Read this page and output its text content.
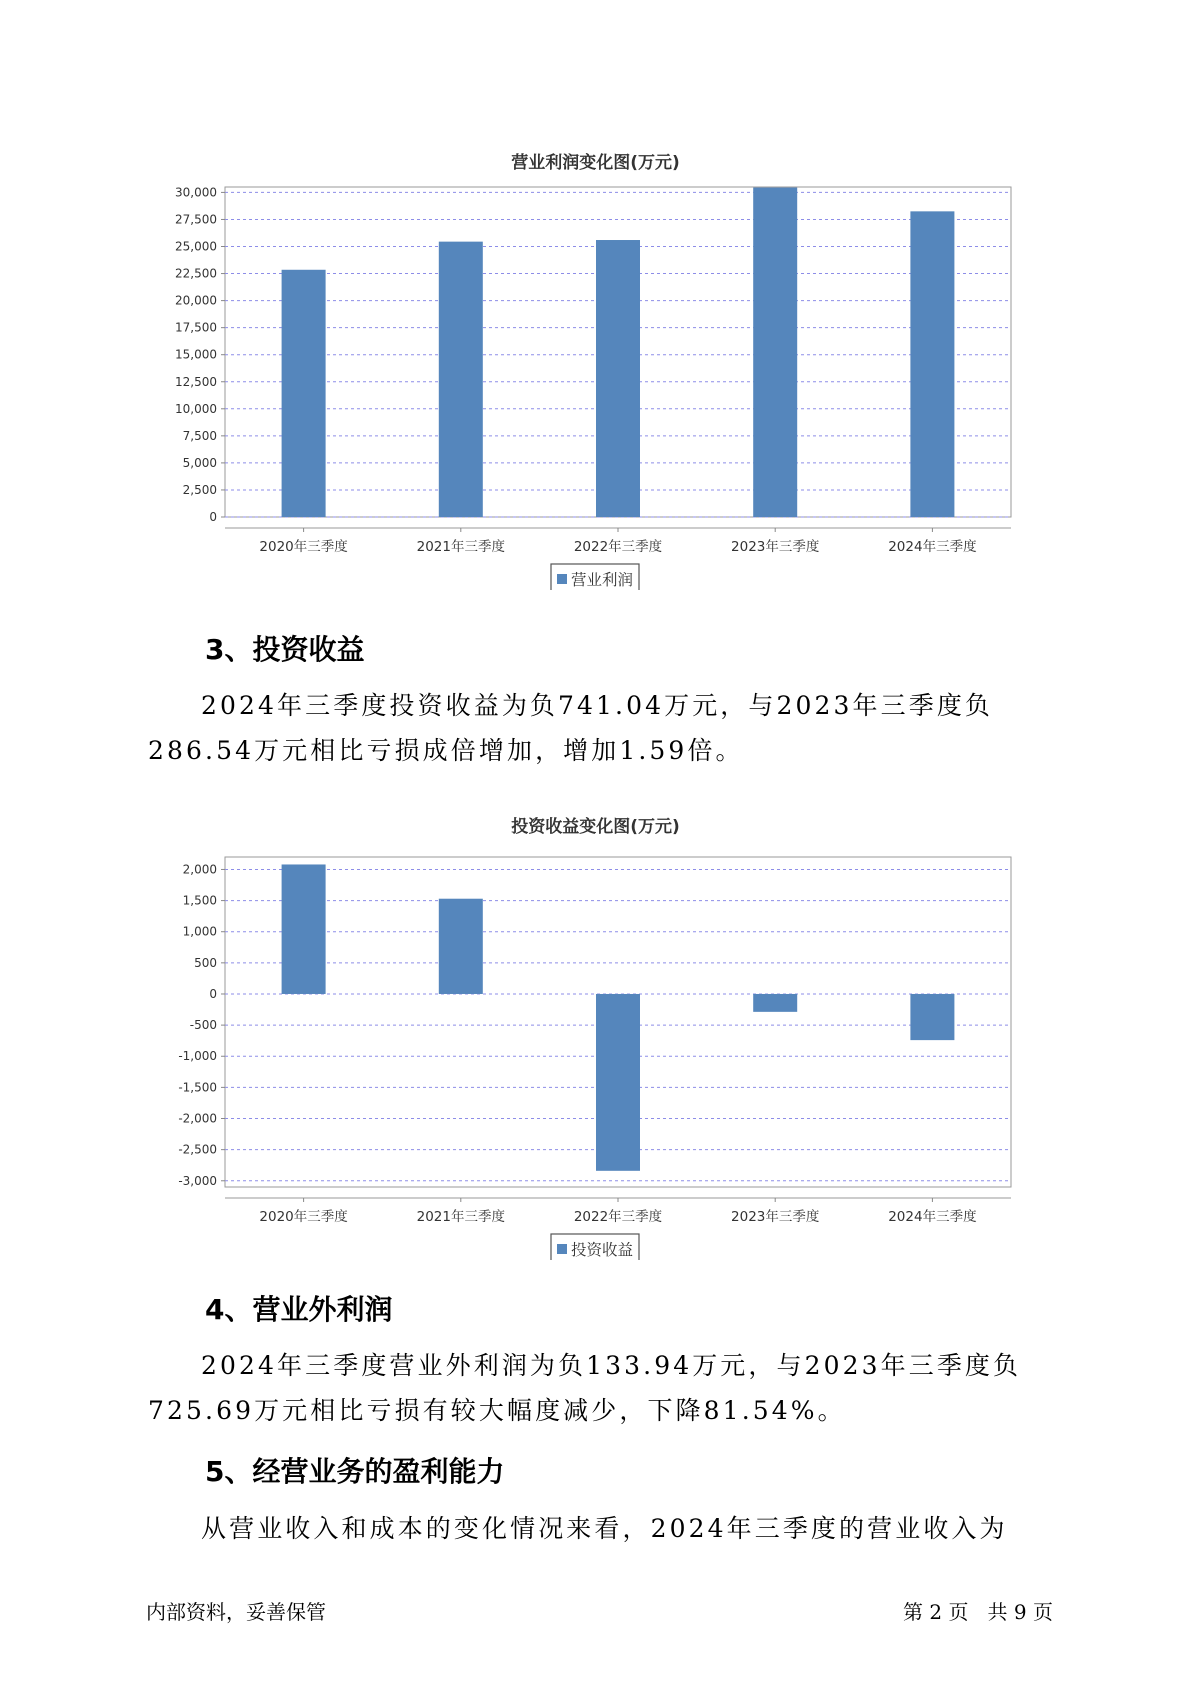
营业利润变化图(万元)
0
2,500
5,000
7,500
10,000
12,500
15,000
17,500
20,000
22,500
25,000
27,500
30,000
2020年三季度	2021年三季度	2022年三季度	2023年三季度	2024年三季度
营业利润
3、投资收益

2024年三季度投资收益为负741.04万元，与2023年三季度负286.54万元相比亏损成倍增加，增加1.59倍。

投资收益变化图(万元)
2,000
1,500
1,000
500
0
-500
-1,000
-1,500
-2,000
-2,500
-3,000
2020年三季度	2021年三季度	2022年三季度	2023年三季度	2024年三季度
投资收益
4、营业外利润

2024年三季度营业外利润为负133.94万元，与2023年三季度负725.69万元相比亏损有较大幅度减少，下降81.54%。

5、经营业务的盈利能力

从营业收入和成本的变化情况来看，2024年三季度的营业收入为

内部资料，妥善保管	第 2 页   共 9 页
